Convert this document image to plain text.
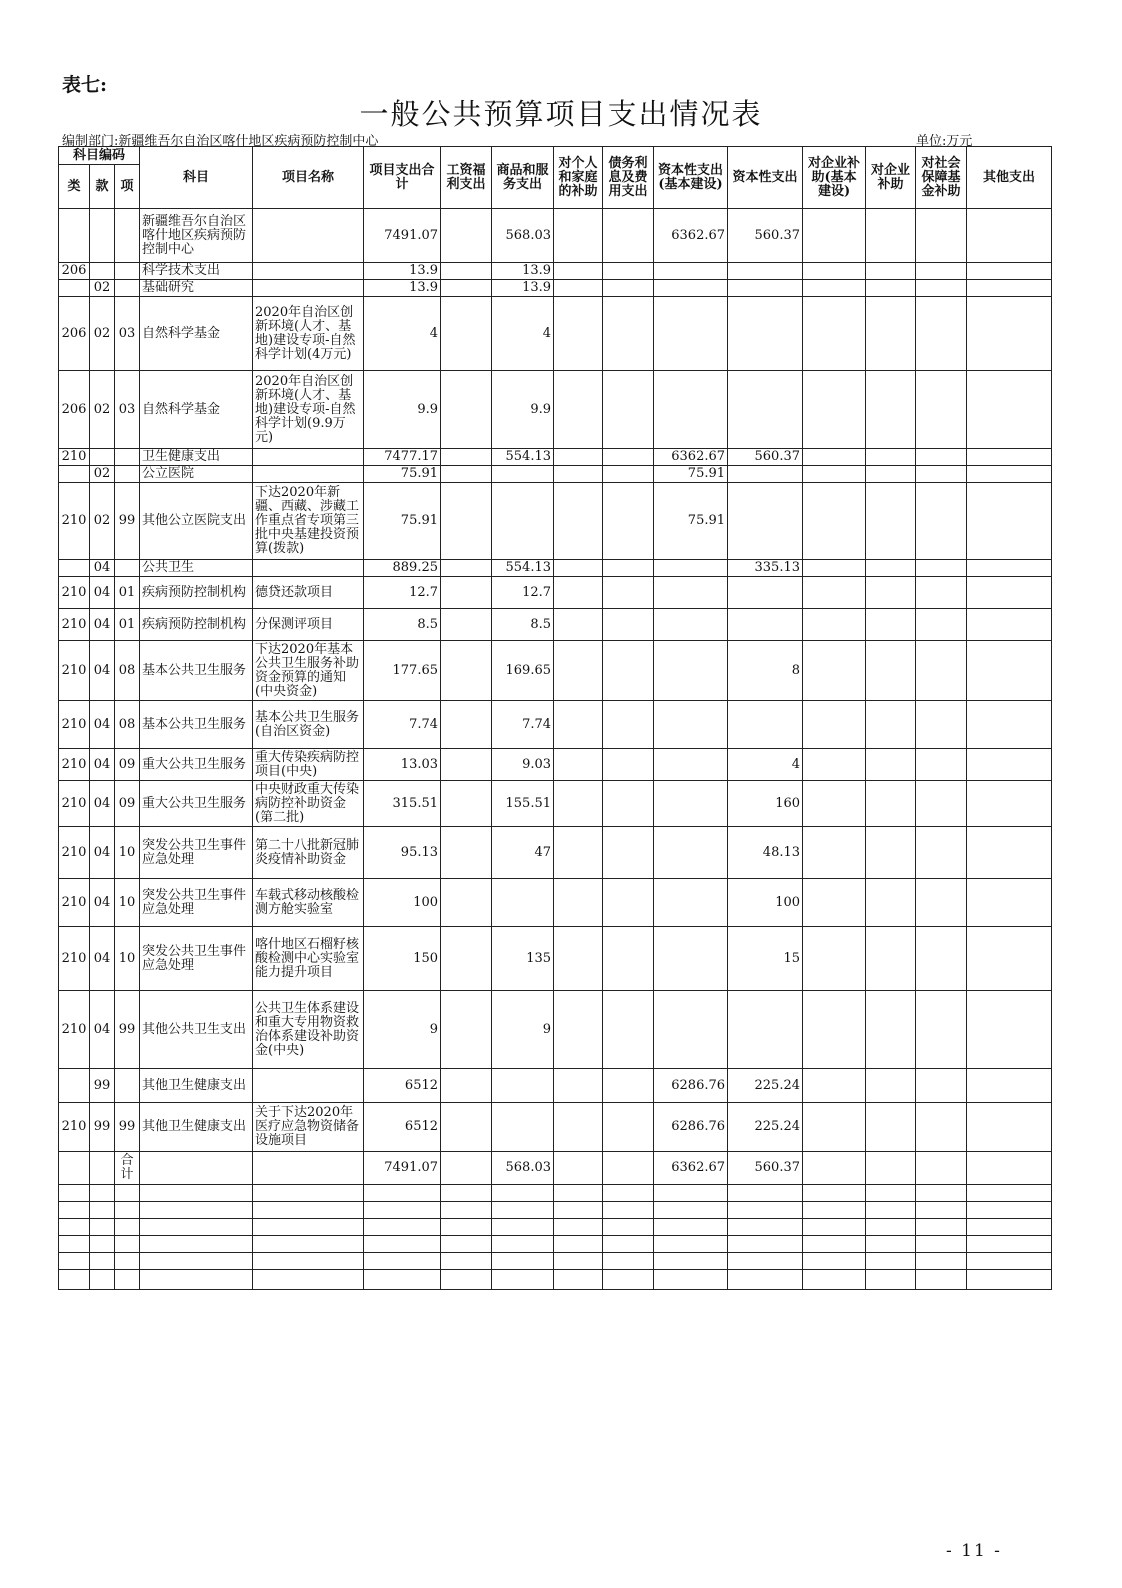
表七:
一般公共预算项目支出情况表
编制部门:新疆维吾尔自治区喀什地区疾病预防控制中心	单位:万元
科目编码			科目	项目名称	项目支出合计	工资福利支出	商品和服务支出	对个人和家庭的补助	债务利息及费用支出	资本性支出(基本建设)	资本性支出	对企业补助(基本建设)	对企业补助	对社会保障基金补助	其他支出
类	款	项													
			新疆维吾尔自治区喀什地区疾病预防控制中心		7491.07		568.03			6362.67	560.37				
206			科学技术支出		13.9		13.9								
	02		基础研究		13.9		13.9								
206	02	03	自然科学基金	2020年自治区创新环境(人才、基地)建设专项-自然科学计划(4万元)	4		4								
206	02	03	自然科学基金	2020年自治区创新环境(人才、基地)建设专项-自然科学计划(9.9万元)	9.9		9.9								
210			卫生健康支出		7477.17		554.13			6362.67	560.37				
	02		公立医院		75.91					75.91					
210	02	99	其他公立医院支出	下达2020年新疆、西藏、涉藏工作重点省专项第三批中央基建投资预算(拨款)	75.91					75.91					
	04		公共卫生		889.25		554.13				335.13				
210	04	01	疾病预防控制机构	德贷还款项目	12.7		12.7								
210	04	01	疾病预防控制机构	分保测评项目	8.5		8.5								
210	04	08	基本公共卫生服务	下达2020年基本公共卫生服务补助资金预算的通知(中央资金)	177.65		169.65				8				
210	04	08	基本公共卫生服务	基本公共卫生服务(自治区资金)	7.74		7.74								
210	04	09	重大公共卫生服务	重大传染疾病防控项目(中央)	13.03		9.03				4				
210	04	09	重大公共卫生服务	中央财政重大传染病防控补助资金(第二批)	315.51		155.51				160				
210	04	10	突发公共卫生事件应急处理	第二十八批新冠肺炎疫情补助资金	95.13		47				48.13				
210	04	10	突发公共卫生事件应急处理	车载式移动核酸检测方舱实验室	100						100				
210	04	10	突发公共卫生事件应急处理	喀什地区石榴籽核酸检测中心实验室能力提升项目	150		135				15				
210	04	99	其他公共卫生支出	公共卫生体系建设和重大专用物资救治体系建设补助资金(中央)	9		9								
	99		其他卫生健康支出		6512					6286.76	225.24				
210	99	99	其他卫生健康支出	关于下达2020年医疗应急物资储备设施项目	6512					6286.76	225.24				
		合计			7491.07		568.03			6362.67	560.37				

- 11 -
